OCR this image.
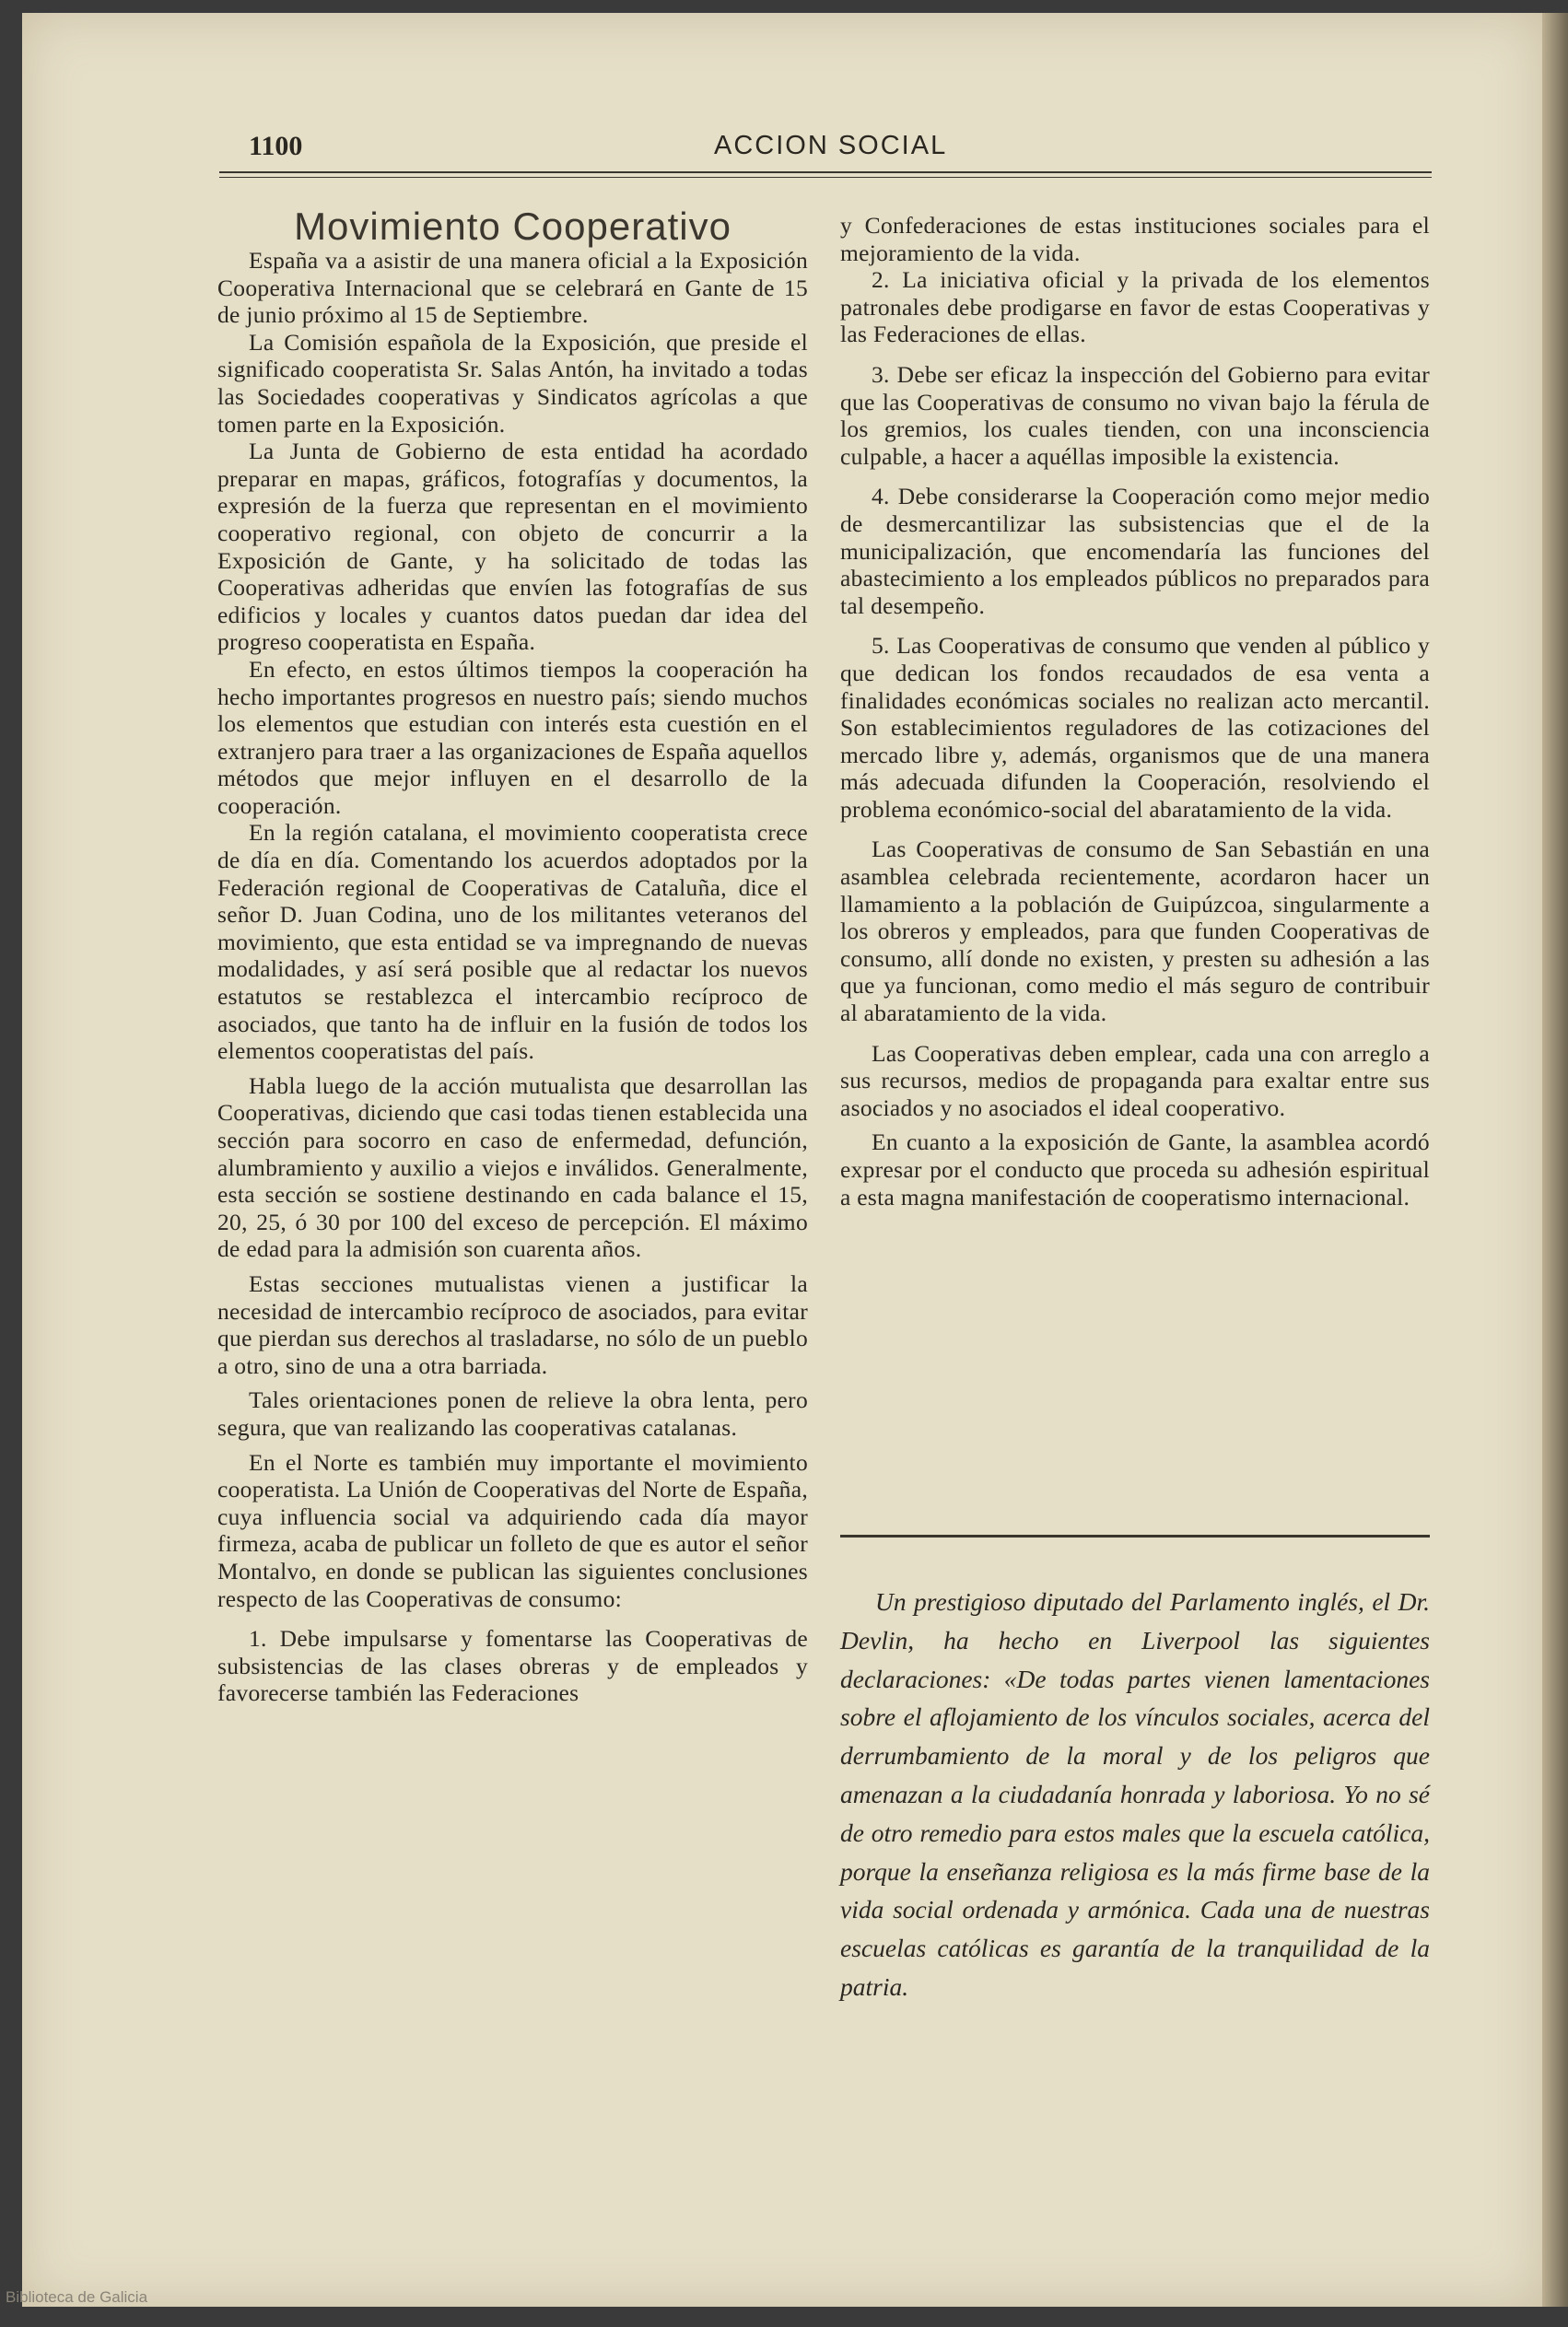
1100	ACCION SOCIAL
Movimiento Cooperativo

España va a asistir de una manera oficial a la Exposición Cooperativa Internacional que se celebrará en Gante de 15 de junio próximo al 15 de Septiembre.

La Comisión española de la Exposición, que preside el significado cooperatista Sr. Salas Antón, ha invitado a todas las Sociedades cooperativas y Sindicatos agrícolas a que tomen parte en la Exposición.

La Junta de Gobierno de esta entidad ha acordado preparar en mapas, gráficos, fotografías y documentos, la expresión de la fuerza que representan en el movimiento cooperativo regional, con objeto de concurrir a la Exposición de Gante, y ha solicitado de todas las Cooperativas adheridas que envíen las fotografías de sus edificios y locales y cuantos datos puedan dar idea del progreso cooperatista en España.

En efecto, en estos últimos tiempos la cooperación ha hecho importantes progresos en nuestro país; siendo muchos los elementos que estudian con interés esta cuestión en el extranjero para traer a las organizaciones de España aquellos métodos que mejor influyen en el desarrollo de la cooperación.

En la región catalana, el movimiento cooperatista crece de día en día. Comentando los acuerdos adoptados por la Federación regional de Cooperativas de Cataluña, dice el señor D. Juan Codina, uno de los militantes veteranos del movimiento, que esta entidad se va impregnando de nuevas modalidades, y así será posible que al redactar los nuevos estatutos se restablezca el intercambio recíproco de asociados, que tanto ha de influir en la fusión de todos los elementos cooperatistas del país.

Habla luego de la acción mutualista que desarrollan las Cooperativas, diciendo que casi todas tienen establecida una sección para socorro en caso de enfermedad, defunción, alumbramiento y auxilio a viejos e inválidos. Generalmente, esta sección se sostiene destinando en cada balance el 15, 20, 25, ó 30 por 100 del exceso de percepción. El máximo de edad para la admisión son cuarenta años.

Estas secciones mutualistas vienen a justificar la necesidad de intercambio recíproco de asociados, para evitar que pierdan sus derechos al trasladarse, no sólo de un pueblo a otro, sino de una a otra barriada.

Tales orientaciones ponen de relieve la obra lenta, pero segura, que van realizando las cooperativas catalanas.

En el Norte es también muy importante el movimiento cooperatista. La Unión de Cooperativas del Norte de España, cuya influencia social va adquiriendo cada día mayor firmeza, acaba de publicar un folleto de que es autor el señor Montalvo, en donde se publican las siguientes conclusiones respecto de las Cooperativas de consumo:

1. Debe impulsarse y fomentarse las Cooperativas de subsistencias de las clases obreras y de empleados y favorecerse también las Federaciones

y Confederaciones de estas instituciones sociales para el mejoramiento de la vida.

2. La iniciativa oficial y la privada de los elementos patronales debe prodigarse en favor de estas Cooperativas y las Federaciones de ellas.

3. Debe ser eficaz la inspección del Gobierno para evitar que las Cooperativas de consumo no vivan bajo la férula de los gremios, los cuales tienden, con una inconsciencia culpable, a hacer a aquéllas imposible la existencia.

4. Debe considerarse la Cooperación como mejor medio de desmercantilizar las subsistencias que el de la municipalización, que encomendaría las funciones del abastecimiento a los empleados públicos no preparados para tal desempeño.

5. Las Cooperativas de consumo que venden al público y que dedican los fondos recaudados de esa venta a finalidades económicas sociales no realizan acto mercantil. Son establecimientos reguladores de las cotizaciones del mercado libre y, además, organismos que de una manera más adecuada difunden la Cooperación, resolviendo el problema económico-social del abaratamiento de la vida.

Las Cooperativas de consumo de San Sebastián en una asamblea celebrada recientemente, acordaron hacer un llamamiento a la población de Guipúzcoa, singularmente a los obreros y empleados, para que funden Cooperativas de consumo, allí donde no existen, y presten su adhesión a las que ya funcionan, como medio el más seguro de contribuir al abaratamiento de la vida.

Las Cooperativas deben emplear, cada una con arreglo a sus recursos, medios de propaganda para exaltar entre sus asociados y no asociados el ideal cooperativo.

En cuanto a la exposición de Gante, la asamblea acordó expresar por el conducto que proceda su adhesión espiritual a esta magna manifestación de cooperatismo internacional.

Un prestigioso diputado del Parlamento inglés, el Dr. Devlin, ha hecho en Liverpool las siguientes declaraciones: «De todas partes vienen lamentaciones sobre el aflojamiento de los vínculos sociales, acerca del derrumbamiento de la moral y de los peligros que amenazan a la ciudadanía honrada y laboriosa. Yo no sé de otro remedio para estos males que la escuela católica, porque la enseñanza religiosa es la más firme base de la vida social ordenada y armónica. Cada una de nuestras escuelas católicas es garantía de la tranquilidad de la patria.

Biblioteca de Galicia
